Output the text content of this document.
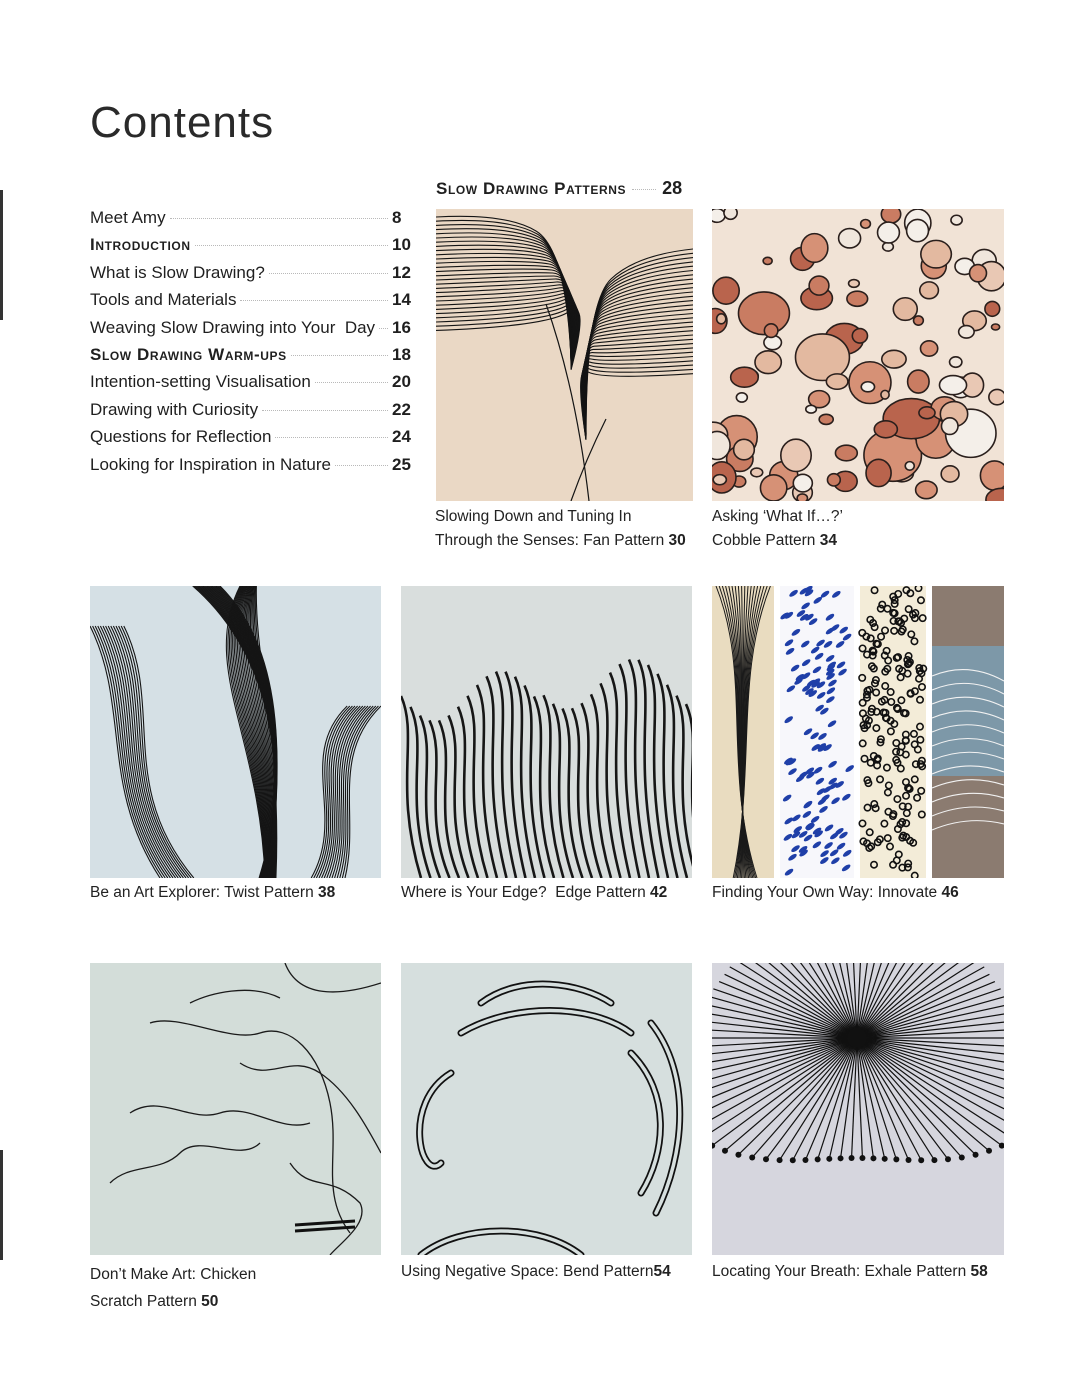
Contents
Meet Amy	8
Introduction	10
What is Slow Drawing?	12
Tools and Materials	14
Weaving Slow Drawing into Your  Day 16
Slow Drawing Warm-ups	18
Intention-setting Visualisation	20
Drawing with Curiosity	22
Questions for Reflection	24
Looking for Inspiration in Nature	25
Slow Drawing Patterns 28
Slowing Down and Tuning In
Through the Senses: Fan Pattern 30
Asking ‘What If…?’
Cobble Pattern 34
Be an Art Explorer: Twist Pattern 38	Where is Your Edge?  Edge Pattern 42	Finding Your Own Way: Innovate 46
Don’t Make Art: Chicken
Scratch Pattern 50
Using Negative Space: Bend Pattern54	Locating Your Breath: Exhale Pattern 58
